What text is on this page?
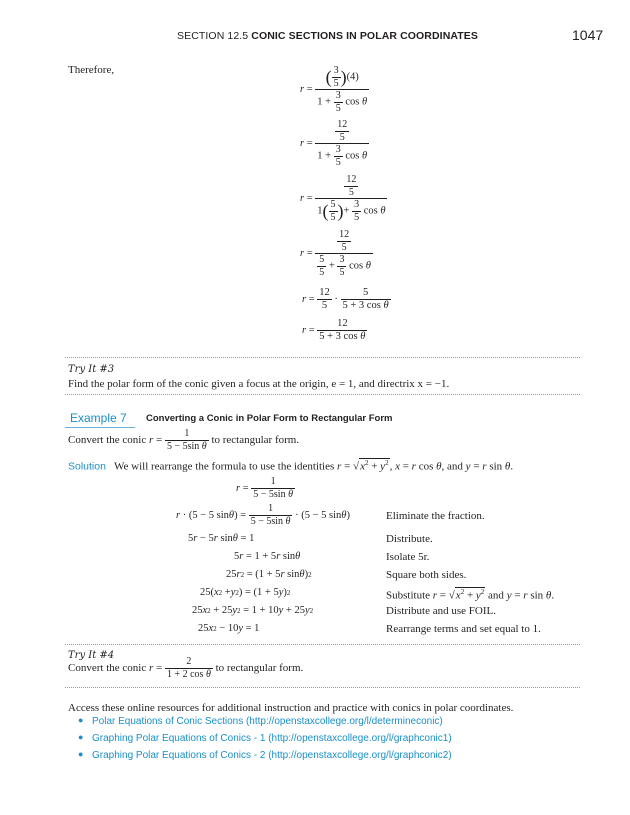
SECTION 12.5 CONIC SECTIONS IN POLAR COORDINATES	1047
Therefore,
$r = \frac{( \frac{3}{5} )(4)}{1 + \frac{3}{5} \cos \theta}$
$r = \frac{\frac{12}{5}}{1 + \frac{3}{5} \cos \theta}$
$r = \frac{\frac{12}{5}}{1( \frac{5}{5} )+ \frac{3}{5} \cos \theta}$
$r = \frac{\frac{12}{5}}{\frac{5}{5} + \frac{3}{5} \cos \theta}$
$r = \frac{12}{5} \cdot \frac{5}{\text{5 + 3 cos θ}}$
$r = \frac{12}{\text{5 + 3 cos θ}}$
Try It #3
Find the polar form of the conic given a focus at the origin, e = 1, and directrix x = −1.
Example 7 Converting a Conic in Polar Form to Rectangular Form
Convert the conic
$r = \frac{1}{\text{5 − 5sin θ}}$
to rectangular form.
Solution We will rearrange the formula to use the identities $r = √x^2 + y^2$, x = r cos θ, and y = r sin θ.
$r = \frac{1}{\text{5 − 5sin θ}}$
r · (5 − 5 sin θ ) = $\frac{1}{\text{5 − 5sin θ}} \cdot (5 - 5$ sin θ )	Eliminate the fraction.
5 r − 5 r sin θ = 1	Distribute.
5 r = 1 + 5 r sin θ	Isolate 5r.
25 r 2 = (1 + 5 r sin θ ) 2	Square both sides.
25( x 2 + y 2 ) = (1 + 5 y ) 2	Substitute $r = √x^2 + y^2$ and y = r sin θ.
25 x 2 + 25 y 2 = 1 + 10 y + 25 y 2	Distribute and use FOIL.
25 x 2 − 10 y = 1	Rearrange terms and set equal to 1.
Try It #4
Convert the conic
$r = \frac{2}{\text{1 + 2 cos θ}}$
to rectangular form.
Access these online resources for additional instruction and practice with conics in polar coordinates.
● Polar Equations of Conic Sections (http://openstaxcollege.org/l/determineconic)
● Graphing Polar Equations of Conics - 1 (http://openstaxcollege.org/l/graphconic1)
● Graphing Polar Equations of Conics - 2 (http://openstaxcollege.org/l/graphconic2)
